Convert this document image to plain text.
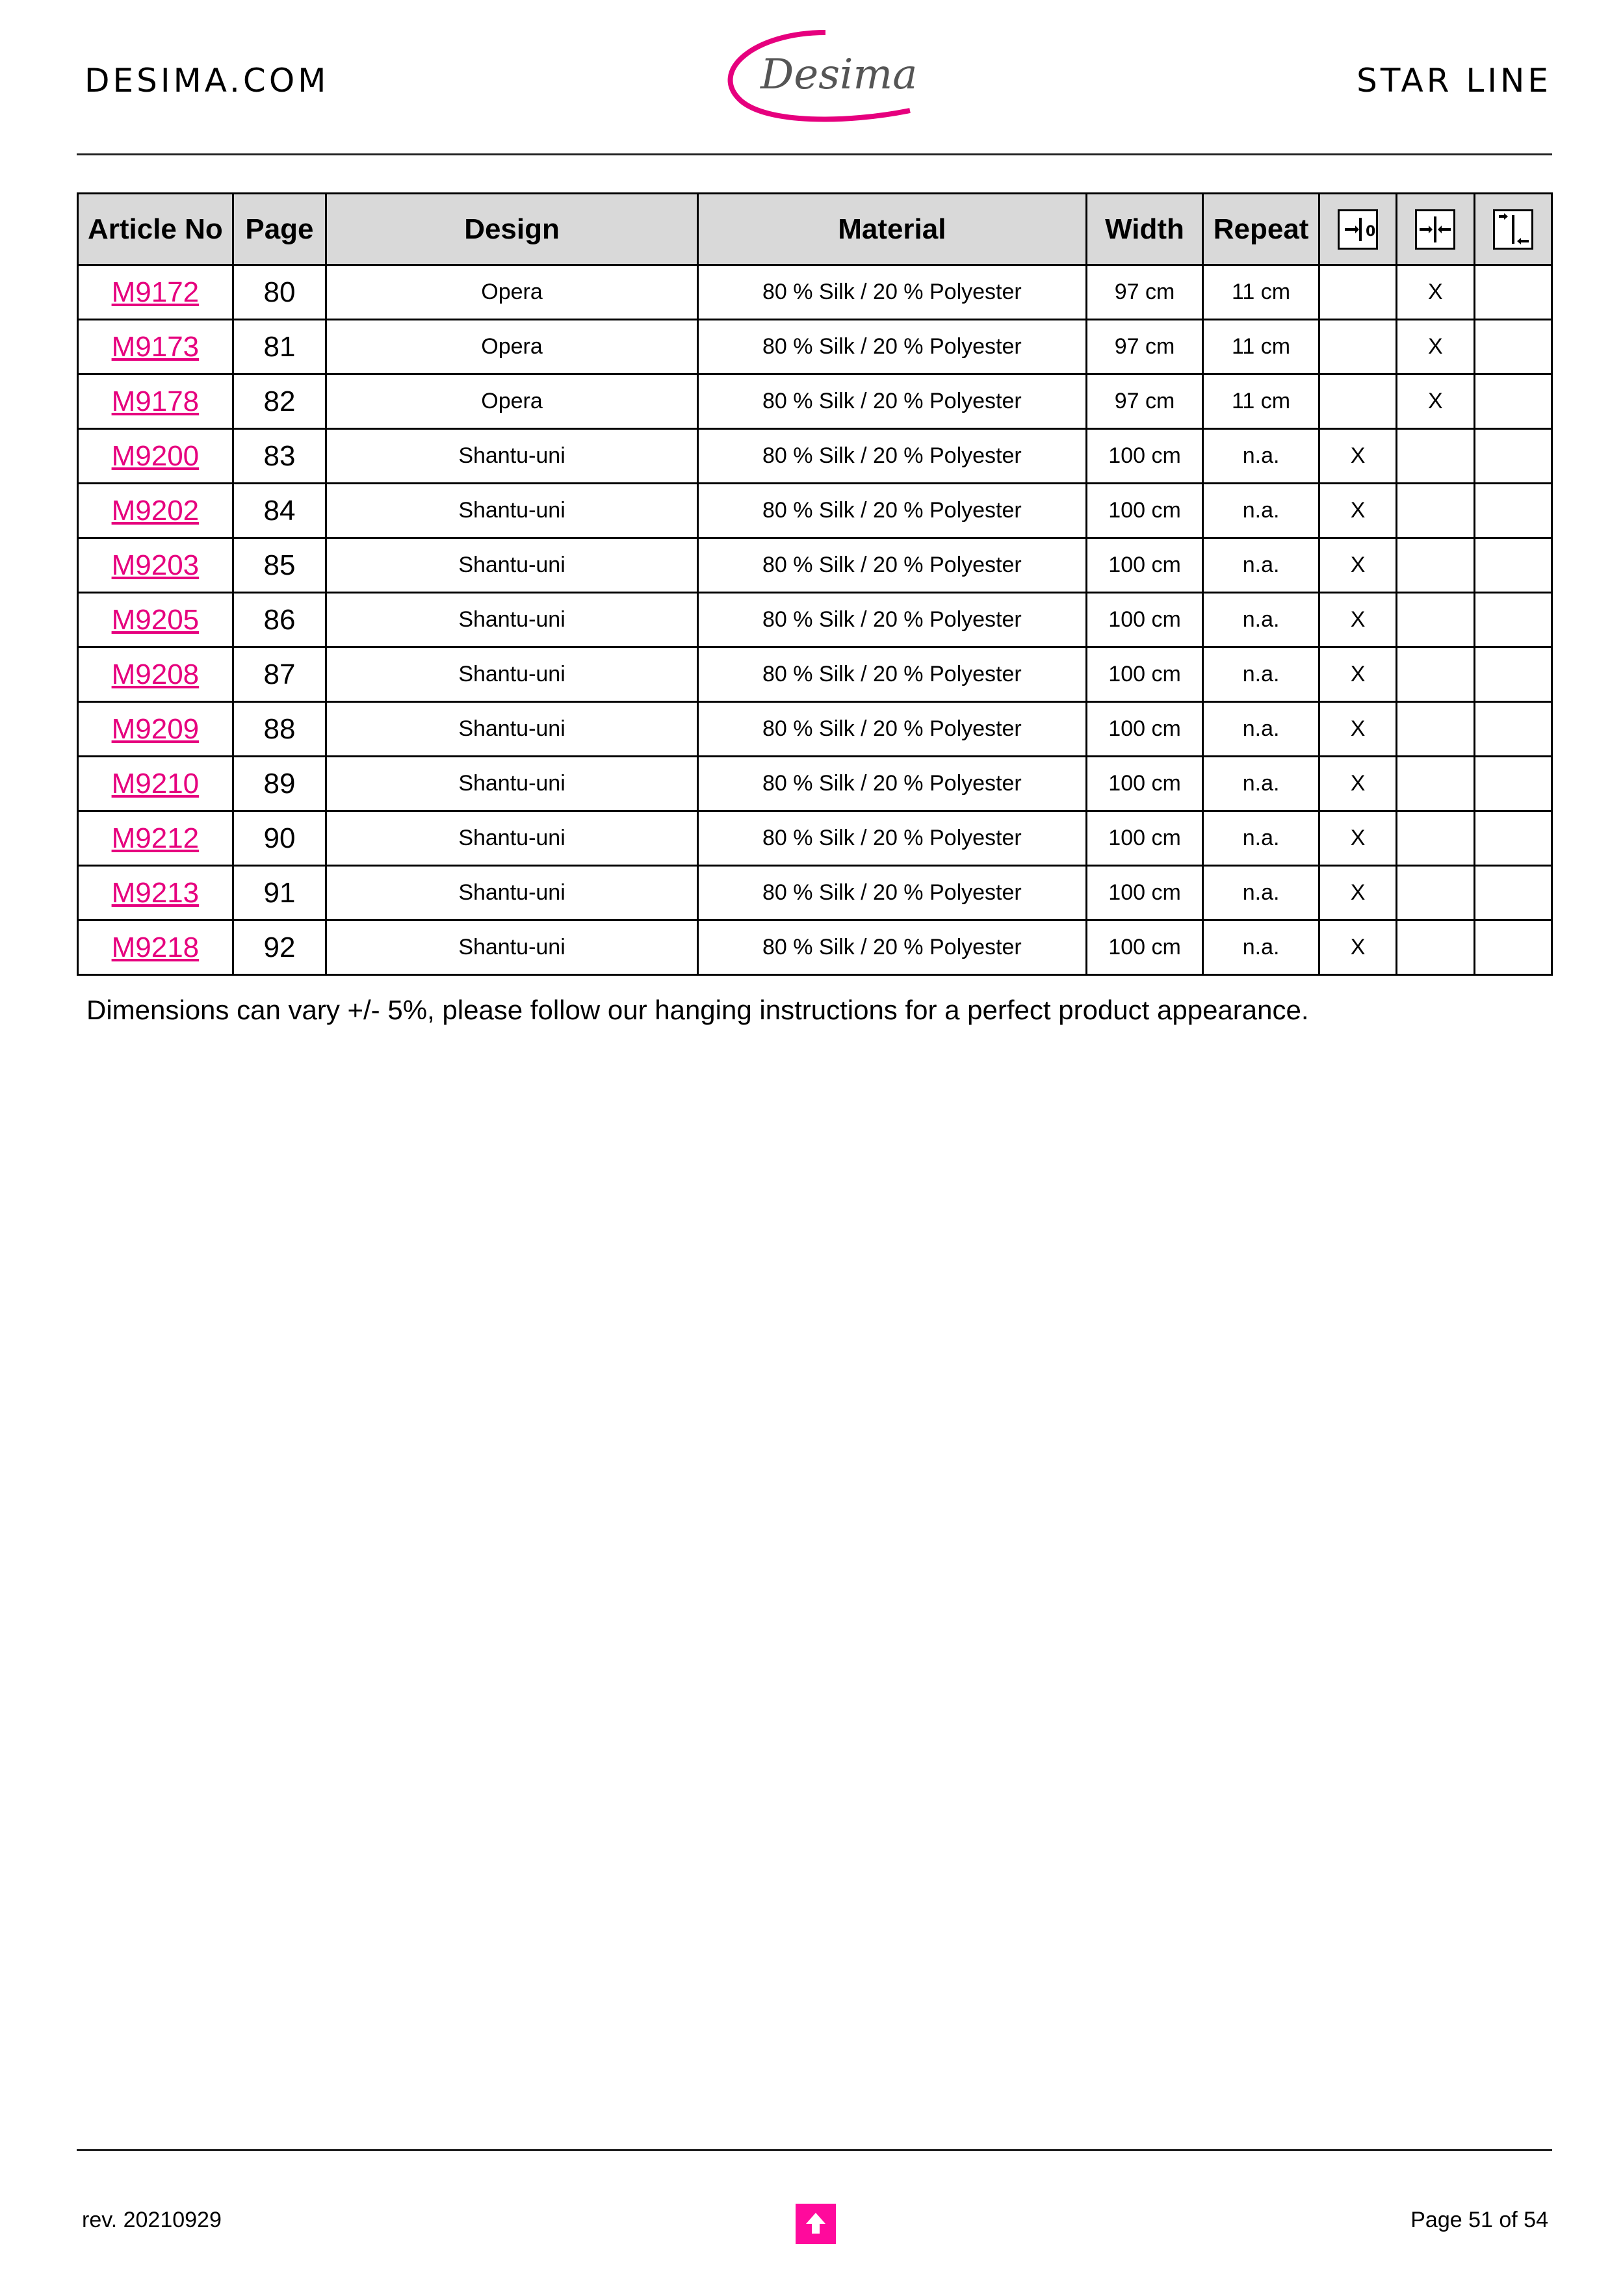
DESIMA.COM	Desima	STAR LINE
Article No	Page	Design	Material	Width	Repeat	0

M9172	80	Opera	80 % Silk / 20 % Polyester	97 cm	11 cm		X	
M9173	81	Opera	80 % Silk / 20 % Polyester	97 cm	11 cm		X	
M9178	82	Opera	80 % Silk / 20 % Polyester	97 cm	11 cm		X	
M9200	83	Shantu-uni	80 % Silk / 20 % Polyester	100 cm	n.a.	X		
M9202	84	Shantu-uni	80 % Silk / 20 % Polyester	100 cm	n.a.	X		
M9203	85	Shantu-uni	80 % Silk / 20 % Polyester	100 cm	n.a.	X		
M9205	86	Shantu-uni	80 % Silk / 20 % Polyester	100 cm	n.a.	X		
M9208	87	Shantu-uni	80 % Silk / 20 % Polyester	100 cm	n.a.	X		
M9209	88	Shantu-uni	80 % Silk / 20 % Polyester	100 cm	n.a.	X		
M9210	89	Shantu-uni	80 % Silk / 20 % Polyester	100 cm	n.a.	X		
M9212	90	Shantu-uni	80 % Silk / 20 % Polyester	100 cm	n.a.	X		
M9213	91	Shantu-uni	80 % Silk / 20 % Polyester	100 cm	n.a.	X		
M9218	92	Shantu-uni	80 % Silk / 20 % Polyester	100 cm	n.a.	X		
Dimensions can vary +/- 5%, please follow our hanging instructions for a perfect product appearance.
rev. 20210929	Page 51 of 54
